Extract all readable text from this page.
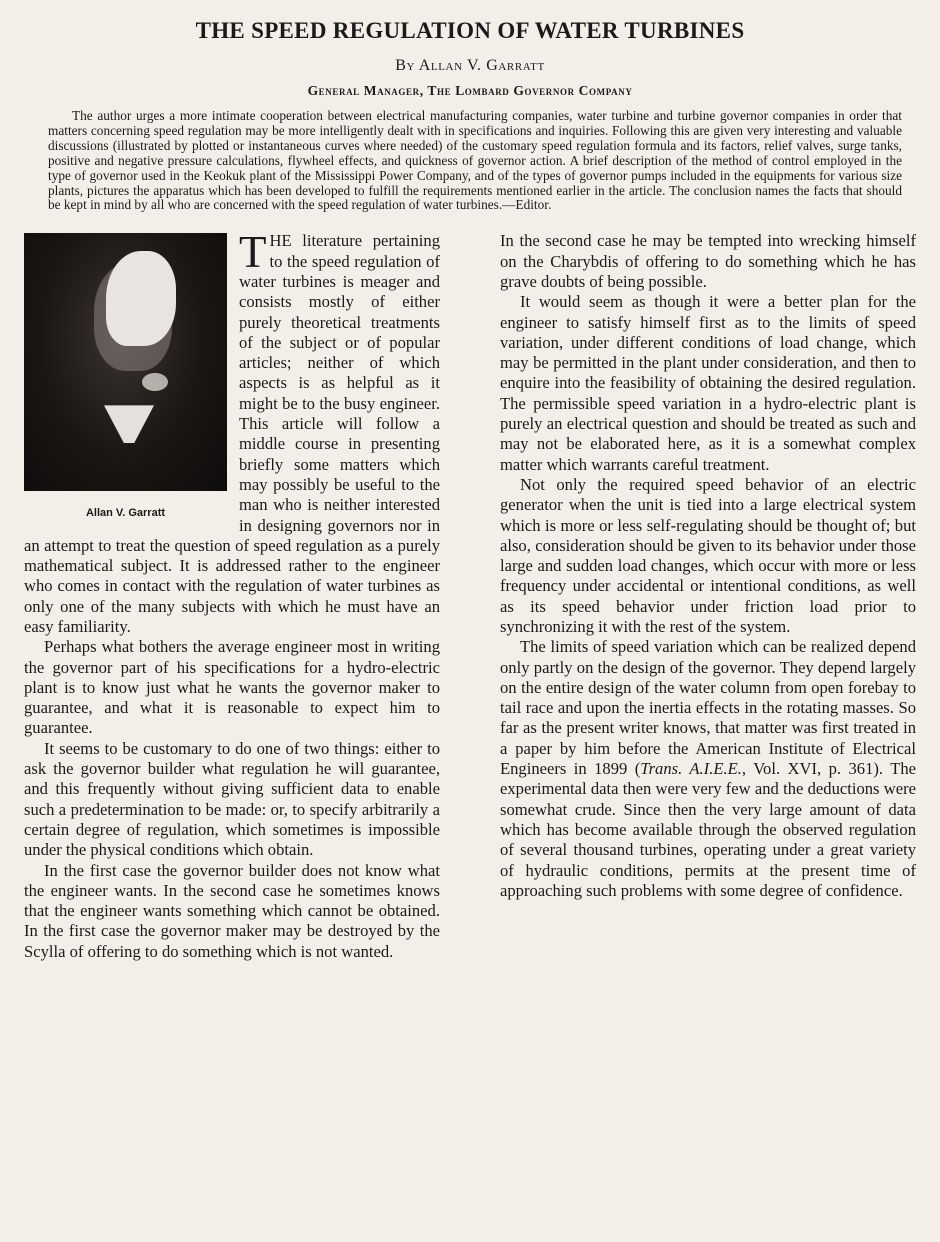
THE SPEED REGULATION OF WATER TURBINES
By Allan V. Garratt
General Manager, The Lombard Governor Company

The author urges a more intimate cooperation between electrical manufacturing companies, water turbine and turbine governor companies in order that matters concerning speed regulation may be more intelligently dealt with in specifications and inquiries. Following this are given very interesting and valuable discussions (illustrated by plotted or instantaneous curves where needed) of the customary speed regulation formula and its factors, relief valves, surge tanks, positive and negative pressure calculations, flywheel effects, and quickness of governor action. A brief description of the method of control employed in the type of governor used in the Keokuk plant of the Mississippi Power Company, and of the types of governor pumps included in the equipments for various size plants, pictures the apparatus which has been developed to fulfill the requirements mentioned earlier in the article. The conclusion names the facts that should be kept in mind by all who are concerned with the speed regulation of water turbines.—Editor.

Allan V. Garratt

THE literature pertaining to the speed regulation of water turbines is meager and consists mostly of either purely theoretical treatments of the subject or of popular articles; neither of which aspects is as helpful as it might be to the busy engineer. This article will follow a middle course in presenting briefly some matters which may possibly be useful to the man who is neither interested in designing governors nor in an attempt to treat the question of speed regulation as a purely mathematical subject. It is addressed rather to the engineer who comes in contact with the regulation of water turbines as only one of the many subjects with which he must have an easy familiarity.

Perhaps what bothers the average engineer most in writing the governor part of his specifications for a hydro-electric plant is to know just what he wants the governor maker to guarantee, and what it is reasonable to expect him to guarantee.

It seems to be customary to do one of two things: either to ask the governor builder what regulation he will guarantee, and this frequently without giving sufficient data to enable such a predetermination to be made: or, to specify arbitrarily a certain degree of regulation, which sometimes is impossible under the physical conditions which obtain.

In the first case the governor builder does not know what the engineer wants. In the second case he sometimes knows that the engineer wants something which cannot be obtained. In the first case the governor maker may be destroyed by the Scylla of offering to do something which is not wanted.

In the second case he may be tempted into wrecking himself on the Charybdis of offering to do something which he has grave doubts of being possible.

It would seem as though it were a better plan for the engineer to satisfy himself first as to the limits of speed variation, under different conditions of load change, which may be permitted in the plant under consideration, and then to enquire into the feasibility of obtaining the desired regulation. The permissible speed variation in a hydro-electric plant is purely an electrical question and should be treated as such and may not be elaborated here, as it is a somewhat complex matter which warrants careful treatment.

Not only the required speed behavior of an electric generator when the unit is tied into a large electrical system which is more or less self-regulating should be thought of; but also, consideration should be given to its behavior under those large and sudden load changes, which occur with more or less frequency under accidental or intentional conditions, as well as its speed behavior under friction load prior to synchronizing it with the rest of the system.

The limits of speed variation which can be realized depend only partly on the design of the governor. They depend largely on the entire design of the water column from open forebay to tail race and upon the inertia effects in the rotating masses. So far as the present writer knows, that matter was first treated in a paper by him before the American Institute of Electrical Engineers in 1899 (Trans. A.I.E.E., Vol. XVI, p. 361). The experimental data then were very few and the deductions were somewhat crude. Since then the very large amount of data which has become available through the observed regulation of several thousand turbines, operating under a great variety of hydraulic conditions, permits at the present time of approaching such problems with some degree of confidence.
